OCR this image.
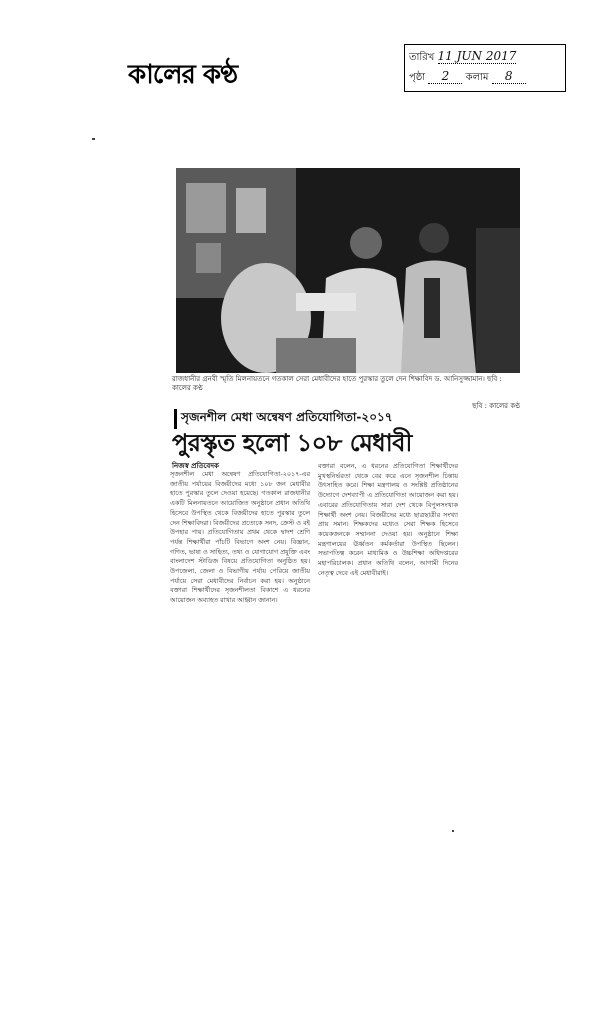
কালের কণ্ঠ
তারিখ 11 JUN 2017
পৃষ্ঠা 2 কলাম 8
রাজধানীর গ্রনবী স্মৃতি মিলনায়তনে গতকাল সেরা মেধাবীদের হাতে পুরস্কার তুলে দেন শিক্ষাবিদ ড. আনিসুজ্জামান। ছবি : কালের কণ্ঠ
ছবি : কালের কণ্ঠ
সৃজনশীল মেধা অন্বেষণ প্রতিযোগিতা-২০১৭
পুরস্কৃত হলো ১০৮ মেধাবী
নিজস্ব প্রতিবেদক

সৃজনশীল মেধা অন্বেষণ প্রতিযোগিতা-২০১৭-এর জাতীয় পর্যায়ের বিজয়ীদের মধ্যে ১০৮ জন মেধাবীর হাতে পুরস্কার তুলে দেওয়া হয়েছে। গতকাল রাজধানীর একটি মিলনায়তনে আয়োজিত অনুষ্ঠানে প্রধান অতিথি হিসেবে উপস্থিত থেকে বিজয়ীদের হাতে পুরস্কার তুলে দেন শিক্ষাবিদরা। বিজয়ীদের প্রত্যেকে সনদ, ক্রেস্ট ও বই উপহার পায়। প্রতিযোগিতায় প্রথম থেকে দ্বাদশ শ্রেণি পর্যন্ত শিক্ষার্থীরা পাঁচটি বিভাগে অংশ নেয়। বিজ্ঞান, গণিত, ভাষা ও সাহিত্য, তথ্য ও যোগাযোগ প্রযুক্তি এবং বাংলাদেশ স্টাডিজ বিষয়ে প্রতিযোগিতা অনুষ্ঠিত হয়। উপজেলা, জেলা ও বিভাগীয় পর্যায় পেরিয়ে জাতীয় পর্যায়ে সেরা মেধাবীদের নির্বাচন করা হয়। অনুষ্ঠানে বক্তারা শিক্ষার্থীদের সৃজনশীলতা বিকাশে এ ধরনের আয়োজন অব্যাহত রাখার আহ্বান জানান।

বক্তারা বলেন, এ ধরনের প্রতিযোগিতা শিক্ষার্থীদের মুখস্থনির্ভরতা থেকে বের করে এনে সৃজনশীল চিন্তায় উৎসাহিত করে। শিক্ষা মন্ত্রণালয় ও সংশ্লিষ্ট প্রতিষ্ঠানের উদ্যোগে দেশব্যাপী এ প্রতিযোগিতা আয়োজন করা হয়। এবারের প্রতিযোগিতায় সারা দেশ থেকে বিপুলসংখ্যক শিক্ষার্থী অংশ নেয়। বিজয়ীদের মধ্যে ছাত্রছাত্রীর সংখ্যা প্রায় সমান। শিক্ষকদের মধ্যেও সেরা শিক্ষক হিসেবে কয়েকজনকে সম্মাননা দেওয়া হয়। অনুষ্ঠানে শিক্ষা মন্ত্রণালয়ের ঊর্ধ্বতন কর্মকর্তারা উপস্থিত ছিলেন। সভাপতিত্ব করেন মাধ্যমিক ও উচ্চশিক্ষা অধিদপ্তরের মহাপরিচালক। প্রধান অতিথি বলেন, আগামী দিনের নেতৃত্ব দেবে এই মেধাবীরাই।
